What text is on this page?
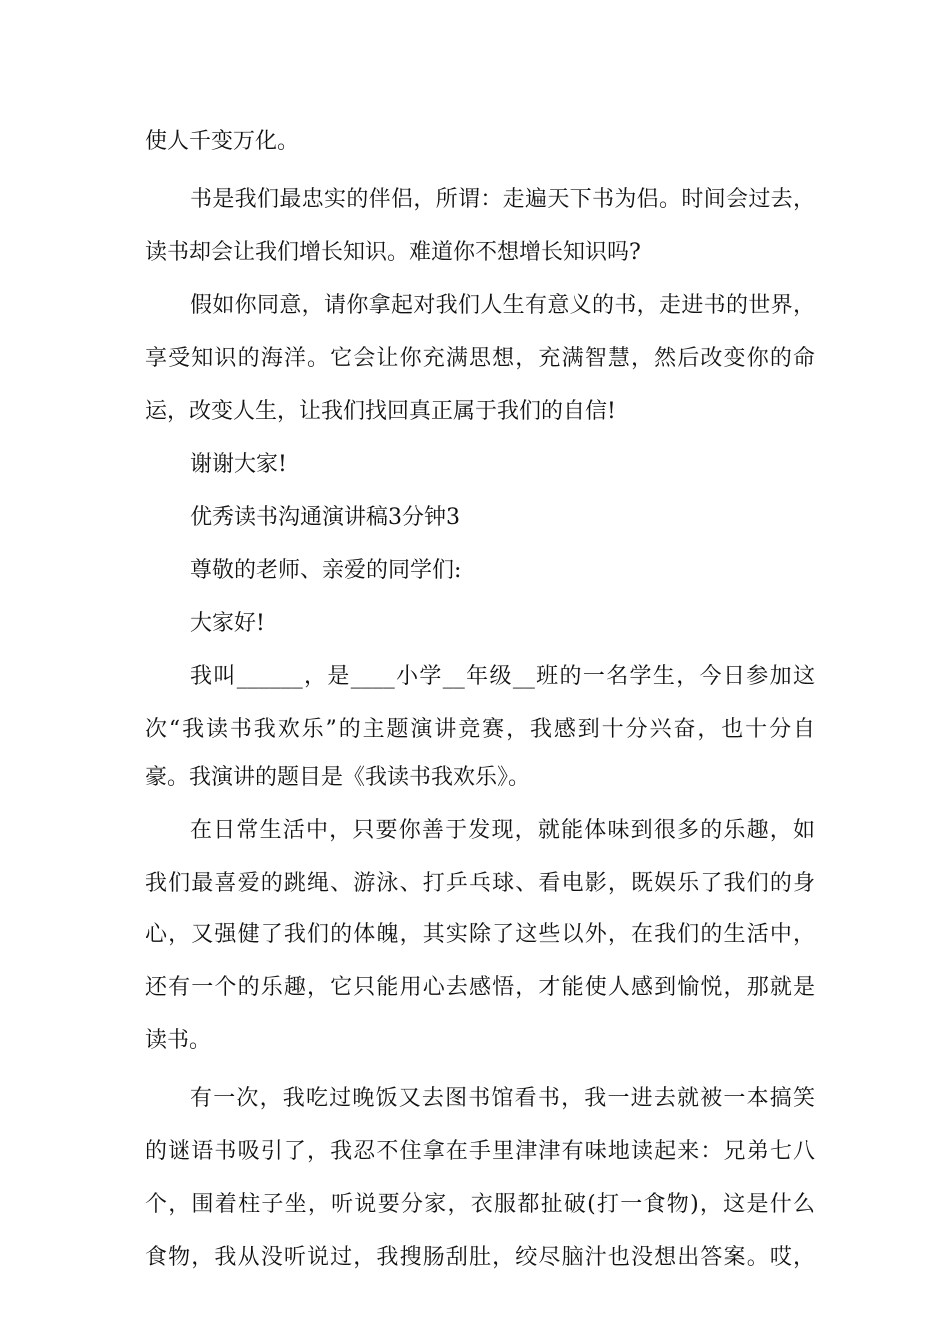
使人千变万化。
书是我们最忠实的伴侣，所谓：走遍天下书为侣。时间会过去，
读书却会让我们增长知识。难道你不想增长知识吗?
假如你同意，请你拿起对我们人生有意义的书，走进书的世界，
享受知识的海洋。它会让你充满思想，充满智慧，然后改变你的命
运，改变人生，让我们找回真正属于我们的自信!
谢谢大家!
优秀读书沟通演讲稿3分钟3
尊敬的老师、亲爱的同学们:
大家好!
我叫______，是____小学__年级__班的一名学生，今日参加这
次“我读书我欢乐”的主题演讲竞赛，我感到十分兴奋，也十分自
豪。我演讲的题目是《我读书我欢乐》。
在日常生活中，只要你善于发现，就能体味到很多的乐趣，如
我们最喜爱的跳绳、游泳、打乒乓球、看电影，既娱乐了我们的身
心，又强健了我们的体魄，其实除了这些以外，在我们的生活中，
还有一个的乐趣，它只能用心去感悟，才能使人感到愉悦，那就是
读书。
有一次，我吃过晚饭又去图书馆看书，我一进去就被一本搞笑
的谜语书吸引了，我忍不住拿在手里津津有味地读起来：兄弟七八
个，围着柱子坐，听说要分家，衣服都扯破(打一食物)，这是什么
食物，我从没听说过，我搜肠刮肚，绞尽脑汁也没想出答案。哎，
